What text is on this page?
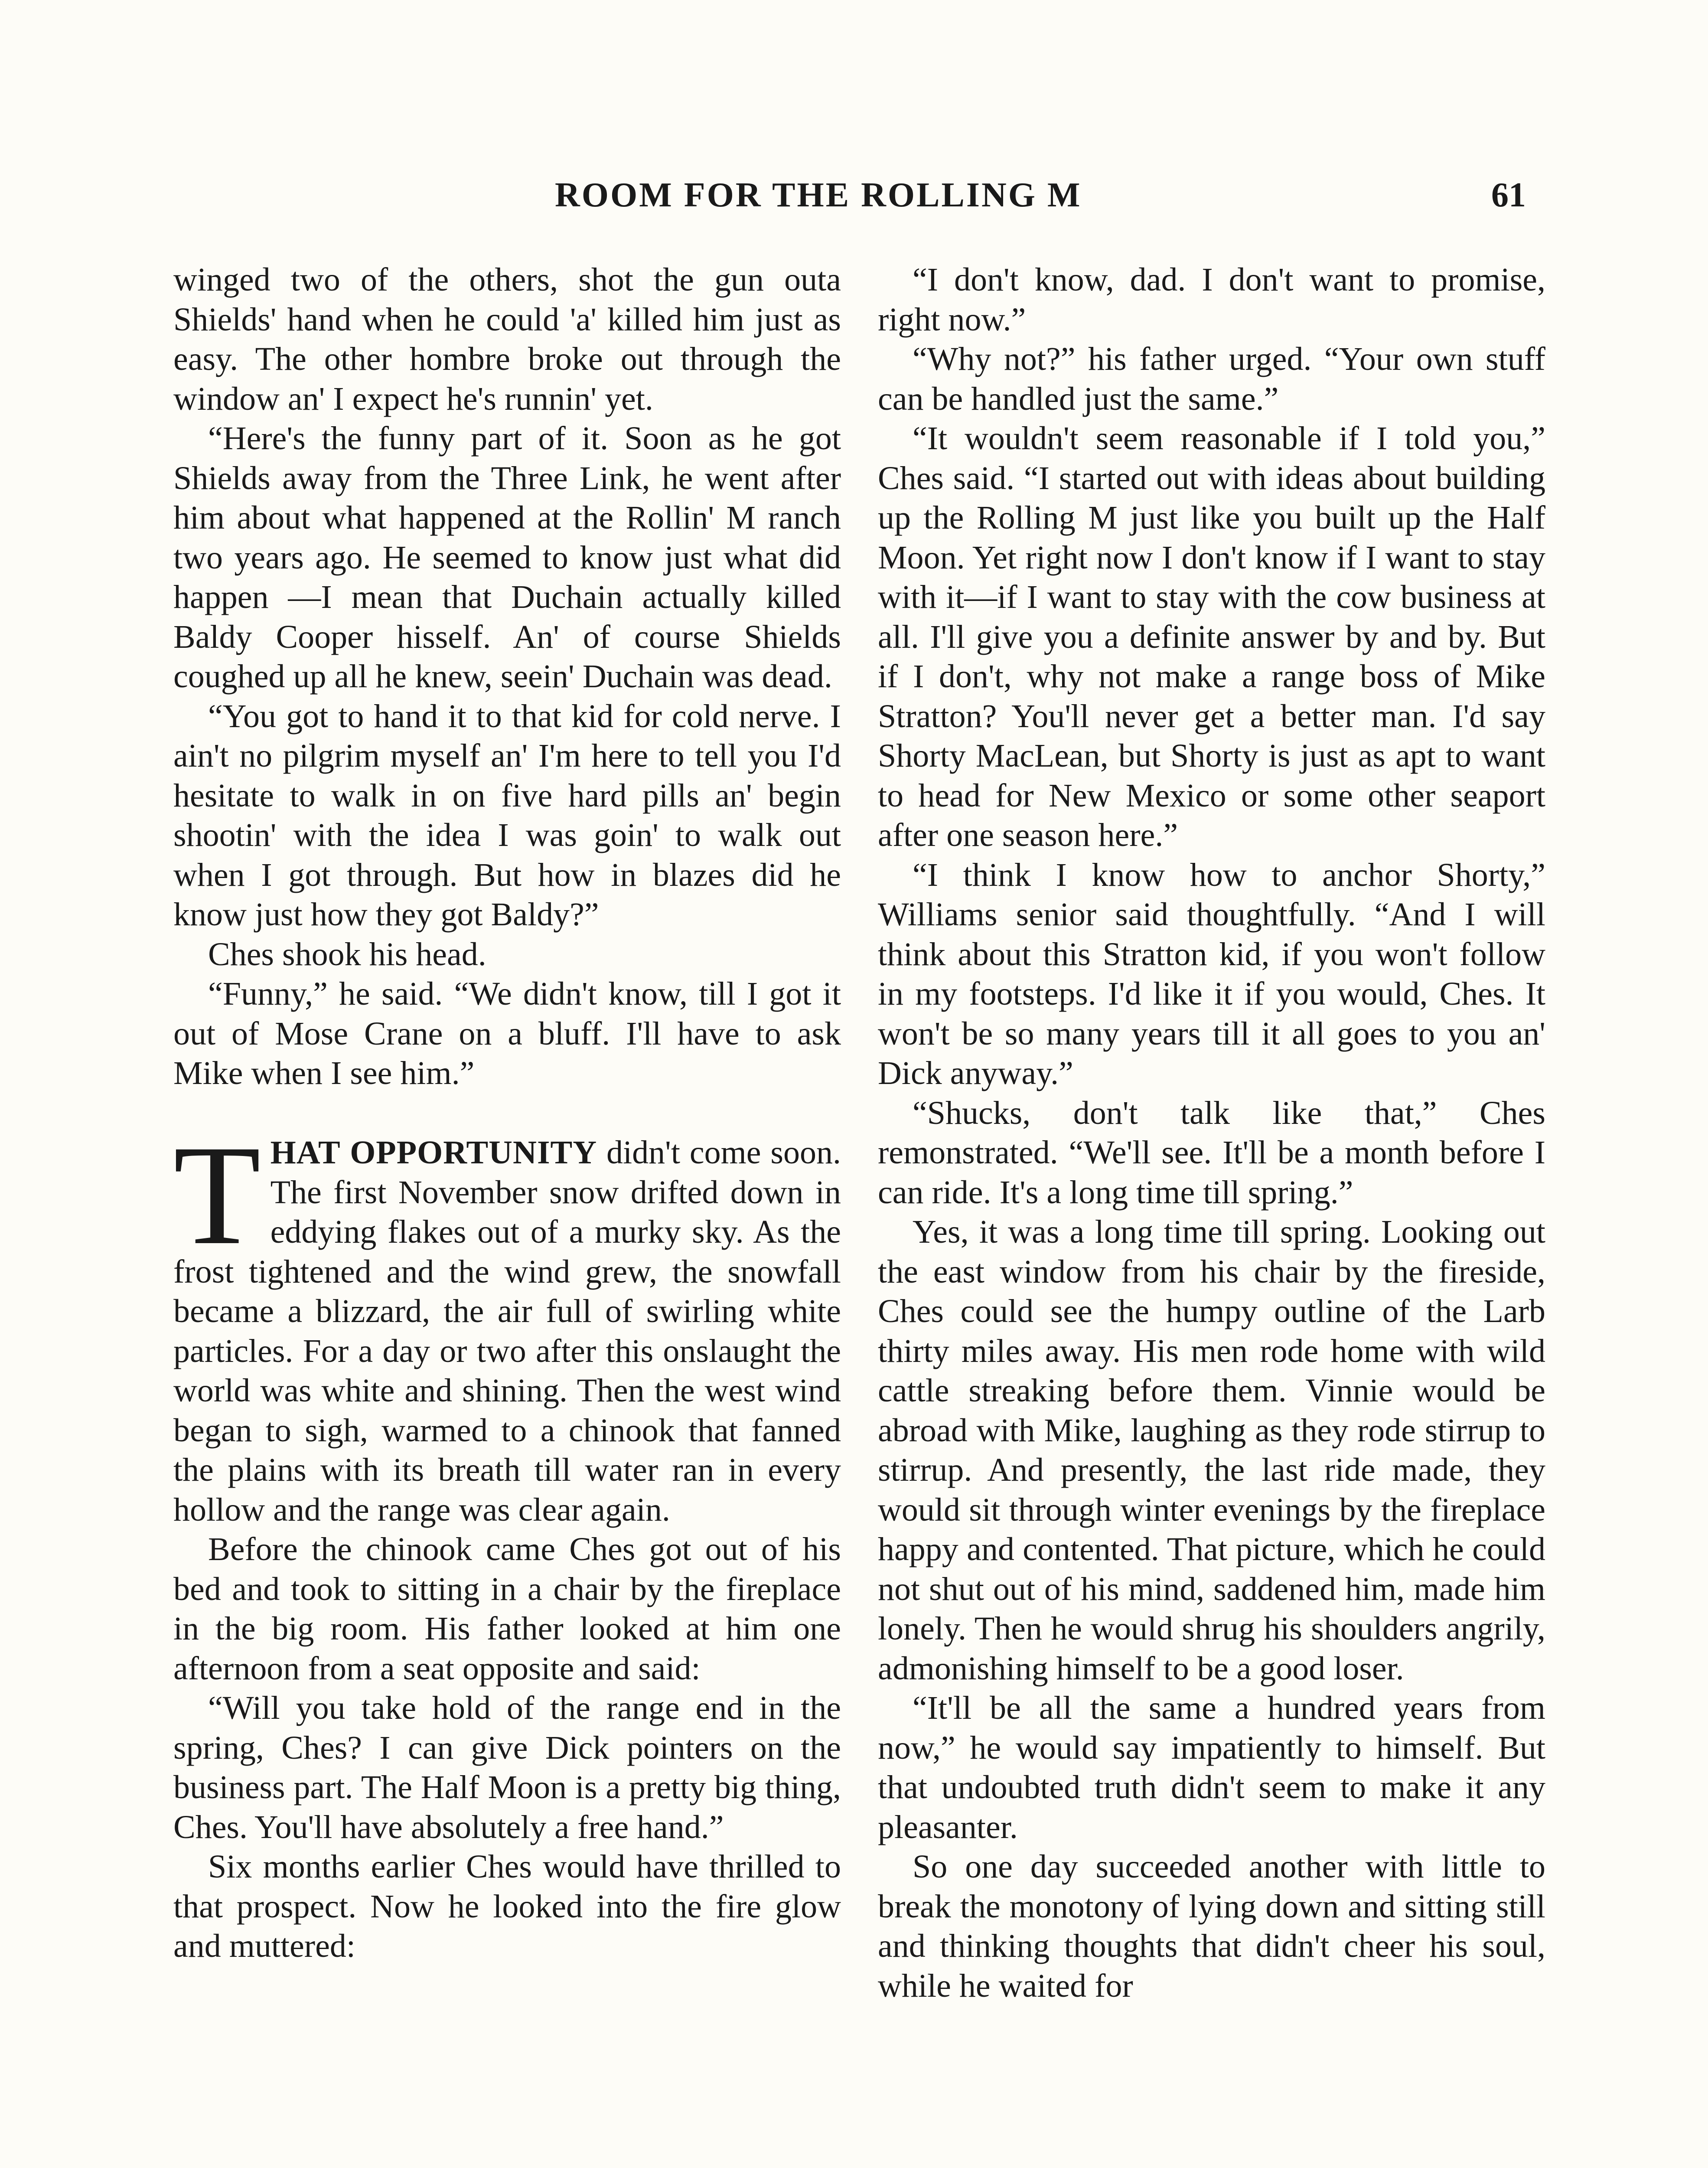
ROOM FOR THE ROLLING M	61

winged two of the others, shot the gun outa Shields' hand when he could 'a' killed him just as easy. The other hombre broke out through the window an' I expect he's runnin' yet.

“Here's the funny part of it. Soon as he got Shields away from the Three Link, he went after him about what happened at the Rollin' M ranch two years ago. He seemed to know just what did happen —I mean that Duchain actually killed Baldy Cooper hisself. An' of course Shields coughed up all he knew, seein' Duchain was dead.

“You got to hand it to that kid for cold nerve. I ain't no pilgrim myself an' I'm here to tell you I'd hesitate to walk in on five hard pills an' begin shootin' with the idea I was goin' to walk out when I got through. But how in blazes did he know just how they got Baldy?”

Ches shook his head.

“Funny,” he said. “We didn't know, till I got it out of Mose Crane on a bluff. I'll have to ask Mike when I see him.”

THAT OPPORTUNITY didn't come soon. The first November snow drifted down in eddying flakes out of a murky sky. As the frost tightened and the wind grew, the snowfall became a blizzard, the air full of swirling white particles. For a day or two after this onslaught the world was white and shining. Then the west wind began to sigh, warmed to a chinook that fanned the plains with its breath till water ran in every hollow and the range was clear again.

Before the chinook came Ches got out of his bed and took to sitting in a chair by the fireplace in the big room. His father looked at him one afternoon from a seat opposite and said:

“Will you take hold of the range end in the spring, Ches? I can give Dick pointers on the business part. The Half Moon is a pretty big thing, Ches. You'll have absolutely a free hand.”

Six months earlier Ches would have thrilled to that prospect. Now he looked into the fire glow and muttered:

“I don't know, dad. I don't want to promise, right now.”

“Why not?” his father urged. “Your own stuff can be handled just the same.”

“It wouldn't seem reasonable if I told you,” Ches said. “I started out with ideas about building up the Rolling M just like you built up the Half Moon. Yet right now I don't know if I want to stay with it—if I want to stay with the cow business at all. I'll give you a definite answer by and by. But if I don't, why not make a range boss of Mike Stratton? You'll never get a better man. I'd say Shorty MacLean, but Shorty is just as apt to want to head for New Mexico or some other seaport after one season here.”

“I think I know how to anchor Shorty,” Williams senior said thoughtfully. “And I will think about this Stratton kid, if you won't follow in my footsteps. I'd like it if you would, Ches. It won't be so many years till it all goes to you an' Dick anyway.”

“Shucks, don't talk like that,” Ches remonstrated. “We'll see. It'll be a month before I can ride. It's a long time till spring.”

Yes, it was a long time till spring. Looking out the east window from his chair by the fireside, Ches could see the humpy outline of the Larb thirty miles away. His men rode home with wild cattle streaking before them. Vinnie would be abroad with Mike, laughing as they rode stirrup to stirrup. And presently, the last ride made, they would sit through winter evenings by the fireplace happy and contented. That picture, which he could not shut out of his mind, saddened him, made him lonely. Then he would shrug his shoulders angrily, admonishing himself to be a good loser.

“It'll be all the same a hundred years from now,” he would say impatiently to himself. But that undoubted truth didn't seem to make it any pleasanter.

So one day succeeded another with little to break the monotony of lying down and sitting still and thinking thoughts that didn't cheer his soul, while he waited for
